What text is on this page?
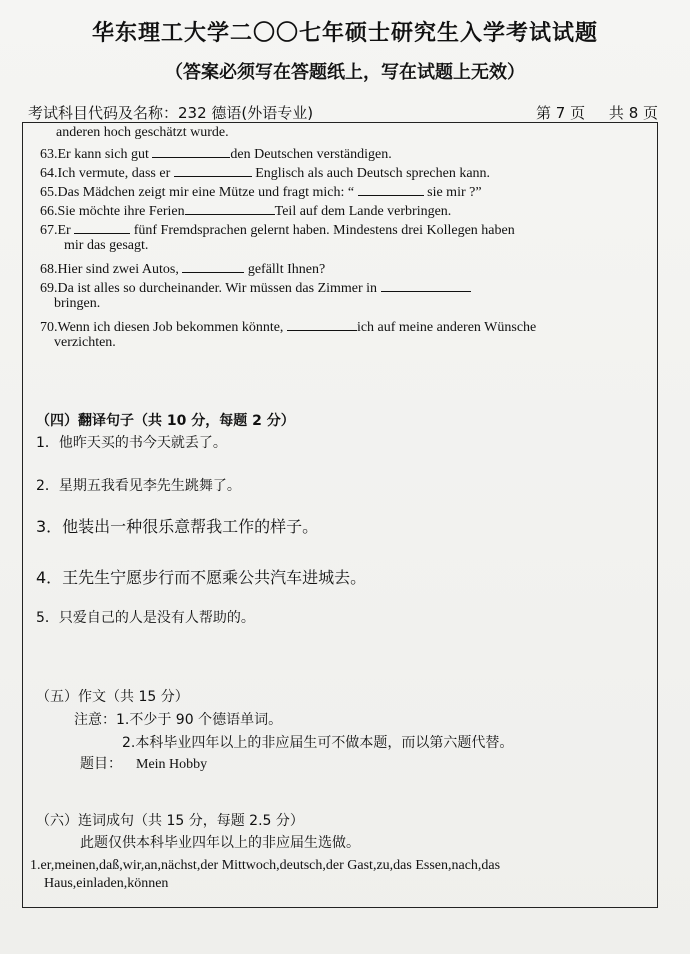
华东理工大学二〇〇七年硕士研究生入学考试试题
（答案必须写在答题纸上，写在试题上无效）
考试科目代码及名称：232 德语(外语专业)	第 7 页     共 8 页
anderen hoch geschätzt wurde.
63.Er kann sich gut	den Deutschen verständigen.
64.Ich vermute, dass er	Englisch als auch Deutsch sprechen kann.
65.Das Mädchen zeigt mir eine Mütze und fragt mich: “	sie mir ?”
66.Sie möchte ihre Ferien	Teil auf dem Lande verbringen.
67.Er	fünf Fremdsprachen gelernt haben. Mindestens drei Kollegen haben
mir das gesagt.
68.Hier sind zwei Autos,	gefällt Ihnen?
69.Da ist alles so durcheinander. Wir müssen das Zimmer in
bringen.
70.Wenn ich diesen Job bekommen könnte,	ich auf meine anderen Wünsche
verzichten.
（四）翻译句子（共 10 分，每题 2 分）
1．他昨天买的书今天就丢了。
2．星期五我看见李先生跳舞了。
3．他装出一种很乐意帮我工作的样子。
4．王先生宁愿步行而不愿乘公共汽车进城去。
5．只爱自己的人是没有人帮助的。
（五）作文（共 15 分）
注意：1.不少于 90 个德语单词。
2.本科毕业四年以上的非应届生可不做本题，而以第六题代替。
题目： Mein Hobby
（六）连词成句（共 15 分，每题 2.5 分）
此题仅供本科毕业四年以上的非应届生选做。
1.er,meinen,daß,wir,an,nächst,der Mittwoch,deutsch,der Gast,zu,das Essen,nach,das
Haus,einladen,können
